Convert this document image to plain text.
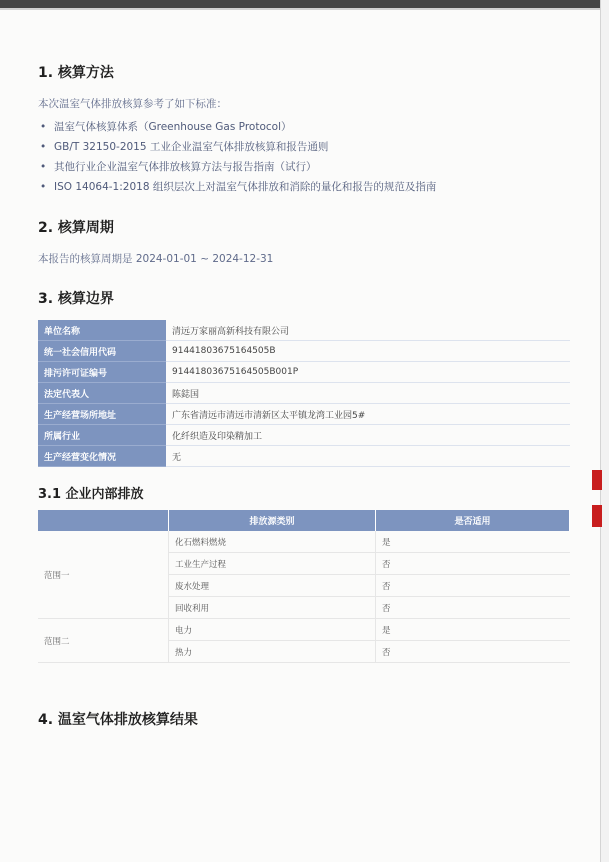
1. 核算方法

本次温室气体排放核算参考了如下标准：

• 温室气体核算体系（Greenhouse Gas Protocol）
• GB/T 32150-2015 工业企业温室气体排放核算和报告通则
• 其他行业企业温室气体排放核算方法与报告指南（试行）
• ISO 14064-1:2018 组织层次上对温室气体排放和消除的量化和报告的规范及指南
2. 核算周期

本报告的核算周期是 2024-01-01 ~ 2024-12-31

3. 核算边界
单位名称	清远万家丽高新科技有限公司
统一社会信用代码	91441803675164505B
排污许可证编号	91441803675164505B001P
法定代表人	陈鋕国
生产经营场所地址	广东省清远市清远市清新区太平镇龙湾工业园5#
所属行业	化纤织造及印染精加工
生产经营变化情况	无
3.1 企业内部排放
	排放源类别	是否适用
范围一	化石燃料燃烧	是
	工业生产过程	否
	废水处理	否
	回收利用	否
范围二	电力	是
	热力	否
4. 温室气体排放核算结果
